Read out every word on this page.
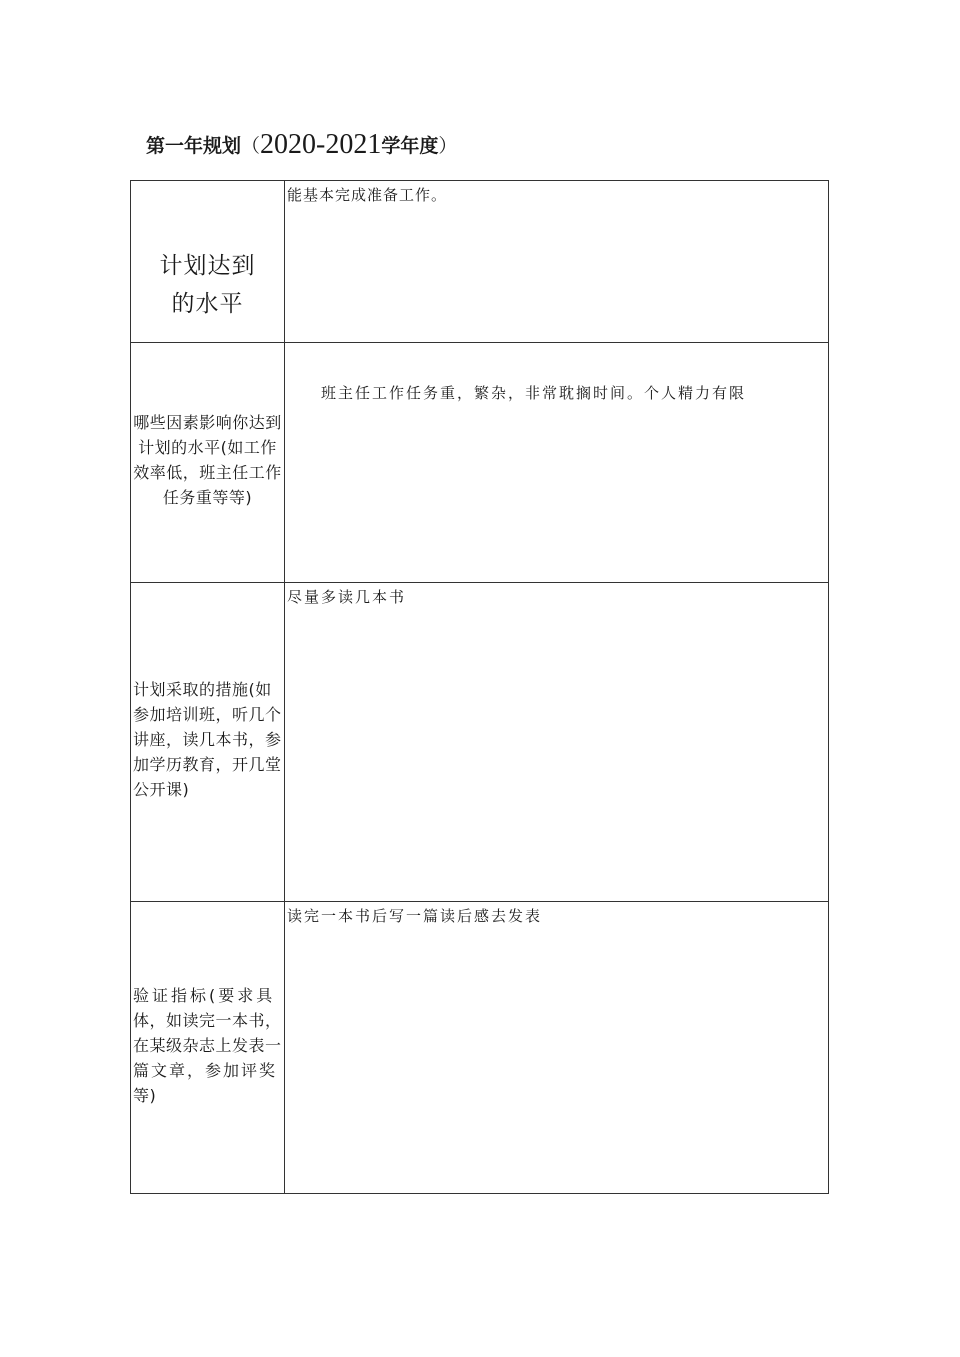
第一年规划（2020-2021学年度）
计划达到
的水平	能基本完成准备工作。

哪些因素影响你达到
计划的水平(如工作
效率低，班主任工作
任务重等等)	班主任工作任务重，繁杂，非常耽搁时间。个人精力有限

计划采取的措施(如
参加培训班，听几个
讲座，读几本书，参
加学历教育，开几堂
公开课)	尽量多读几本书

验证指标(要求具
体，如读完一本书，
在某级杂志上发表一
篇文章，参加评奖
等)	读完一本书后写一篇读后感去发表
